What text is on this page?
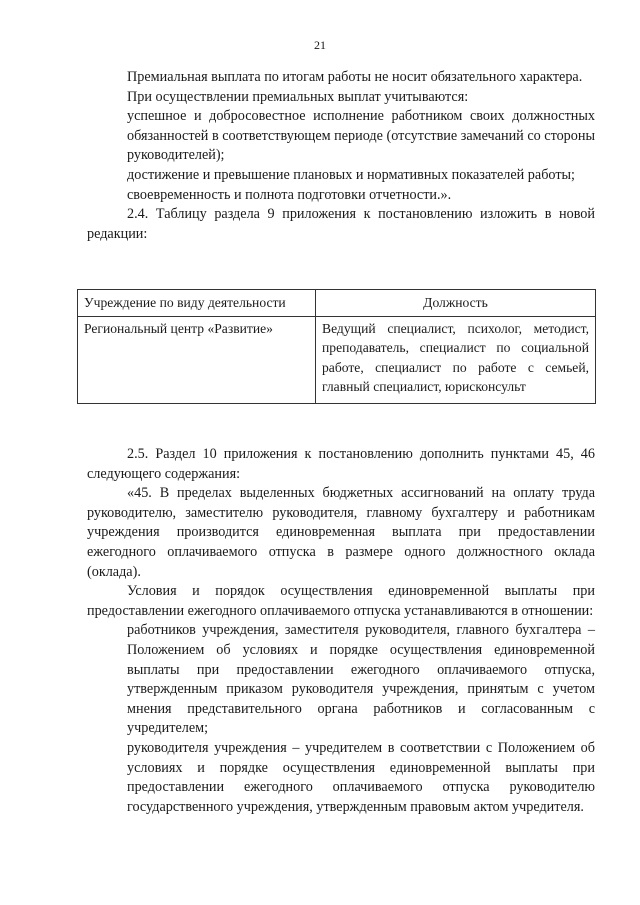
21

Премиальная выплата по итогам работы не носит обязательного характера.

При осуществлении премиальных выплат учитываются:

успешное и добросовестное исполнение работником своих должностных обязанностей в соответствующем периоде (отсутствие замечаний со стороны руководителей);

достижение и превышение плановых и нормативных показателей работы;

своевременность и полнота подготовки отчетности.».

2.4. Таблицу раздела 9 приложения к постановлению изложить в новой редакции:

Учреждение по виду деятельности	Должность
Региональный центр «Развитие»	Ведущий специалист, психолог, методист, преподаватель, специалист по социальной работе, специалист по работе с семьей, главный специалист, юрисконсульт

2.5. Раздел 10 приложения к постановлению дополнить пунктами 45, 46 следующего содержания:

«45. В пределах выделенных бюджетных ассигнований на оплату труда руководителю, заместителю руководителя, главному бухгалтеру и работникам учреждения производится единовременная выплата при предоставлении ежегодного оплачиваемого отпуска в размере одного должностного оклада (оклада).

Условия и порядок осуществления единовременной выплаты при предоставлении ежегодного оплачиваемого отпуска устанавливаются в отношении:

работников учреждения, заместителя руководителя, главного бухгалтера – Положением об условиях и порядке осуществления единовременной выплаты при предоставлении ежегодного оплачиваемого отпуска, утвержденным приказом руководителя учреждения, принятым с учетом мнения представительного органа работников и согласованным с учредителем;

руководителя учреждения – учредителем в соответствии с Положением об условиях и порядке осуществления единовременной выплаты при предоставлении ежегодного оплачиваемого отпуска руководителю государственного учреждения, утвержденным правовым актом учредителя.
